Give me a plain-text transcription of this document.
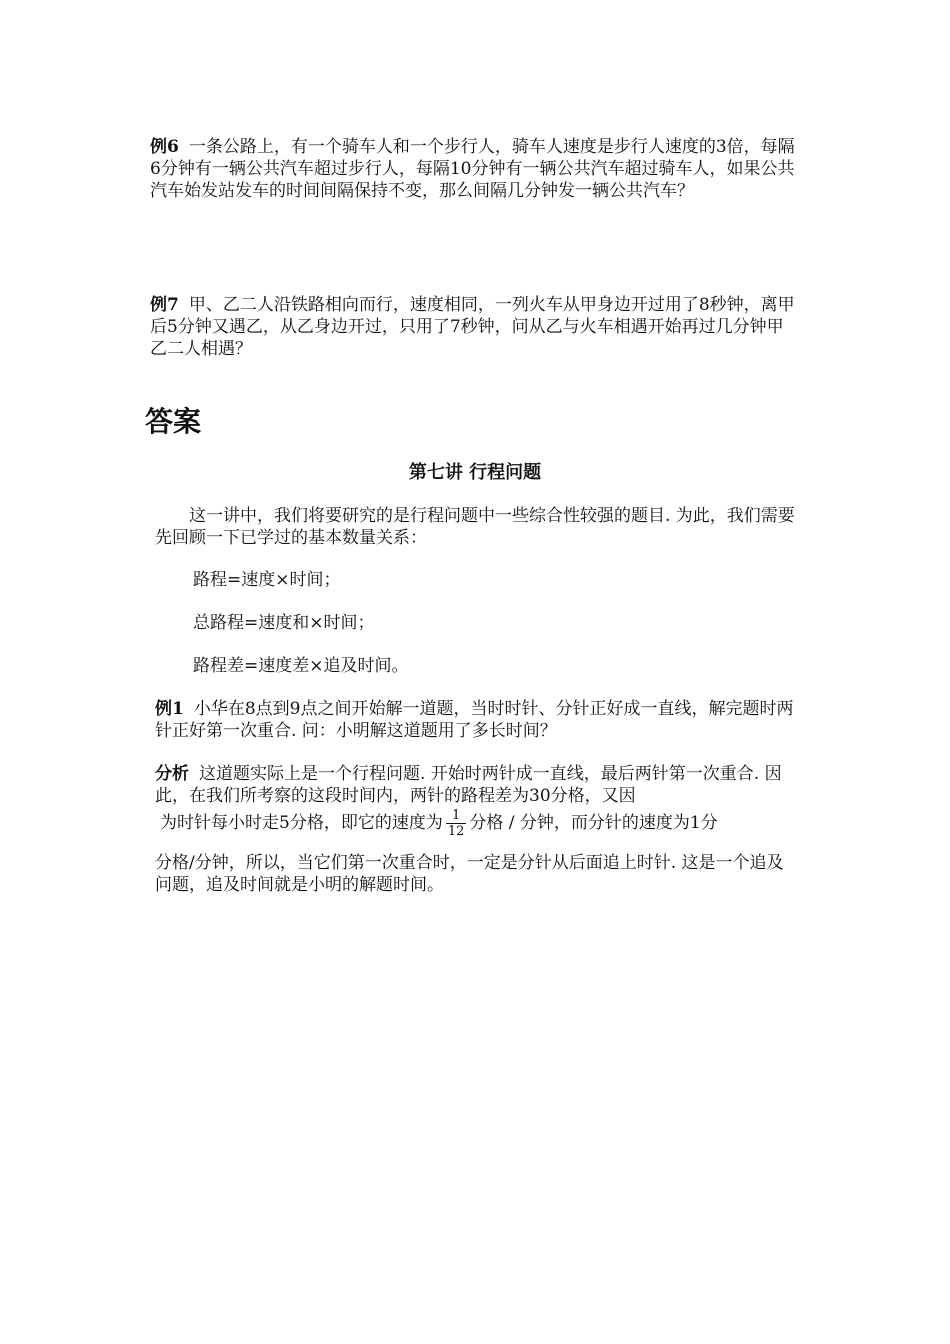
例6 一条公路上，有一个骑车人和一个步行人，骑车人速度是步行人速度的3倍，每隔6分钟有一辆公共汽车超过步行人，每隔10分钟有一辆公共汽车超过骑车人，如果公共汽车始发站发车的时间间隔保持不变，那么间隔几分钟发一辆公共汽车？
例7 甲、乙二人沿铁路相向而行，速度相同，一列火车从甲身边开过用了8秒钟，离甲后5分钟又遇乙，从乙身边开过，只用了7秒钟，问从乙与火车相遇开始再过几分钟甲乙二人相遇？
答案
第七讲 行程问题
这一讲中，我们将要研究的是行程问题中一些综合性较强的题目. 为此，我们需要先回顾一下已学过的基本数量关系：
路程=速度×时间；
总路程=速度和×时间；
路程差=速度差×追及时间。
例1 小华在8点到9点之间开始解一道题，当时时针、分针正好成一直线，解完题时两针正好第一次重合. 问：小明解这道题用了多长时间？
分析 这道题实际上是一个行程问题. 开始时两针成一直线，最后两针第一次重合. 因此，在我们所考察的这段时间内，两针的路程差为30分格，又因
为时针每小时走5分格，即它的速度为 $\frac{1}{12}$ 分格 / 分钟，而分针的速度为1分
分格/分钟，所以，当它们第一次重合时，一定是分针从后面追上时针. 这是一个追及问题，追及时间就是小明的解题时间。
